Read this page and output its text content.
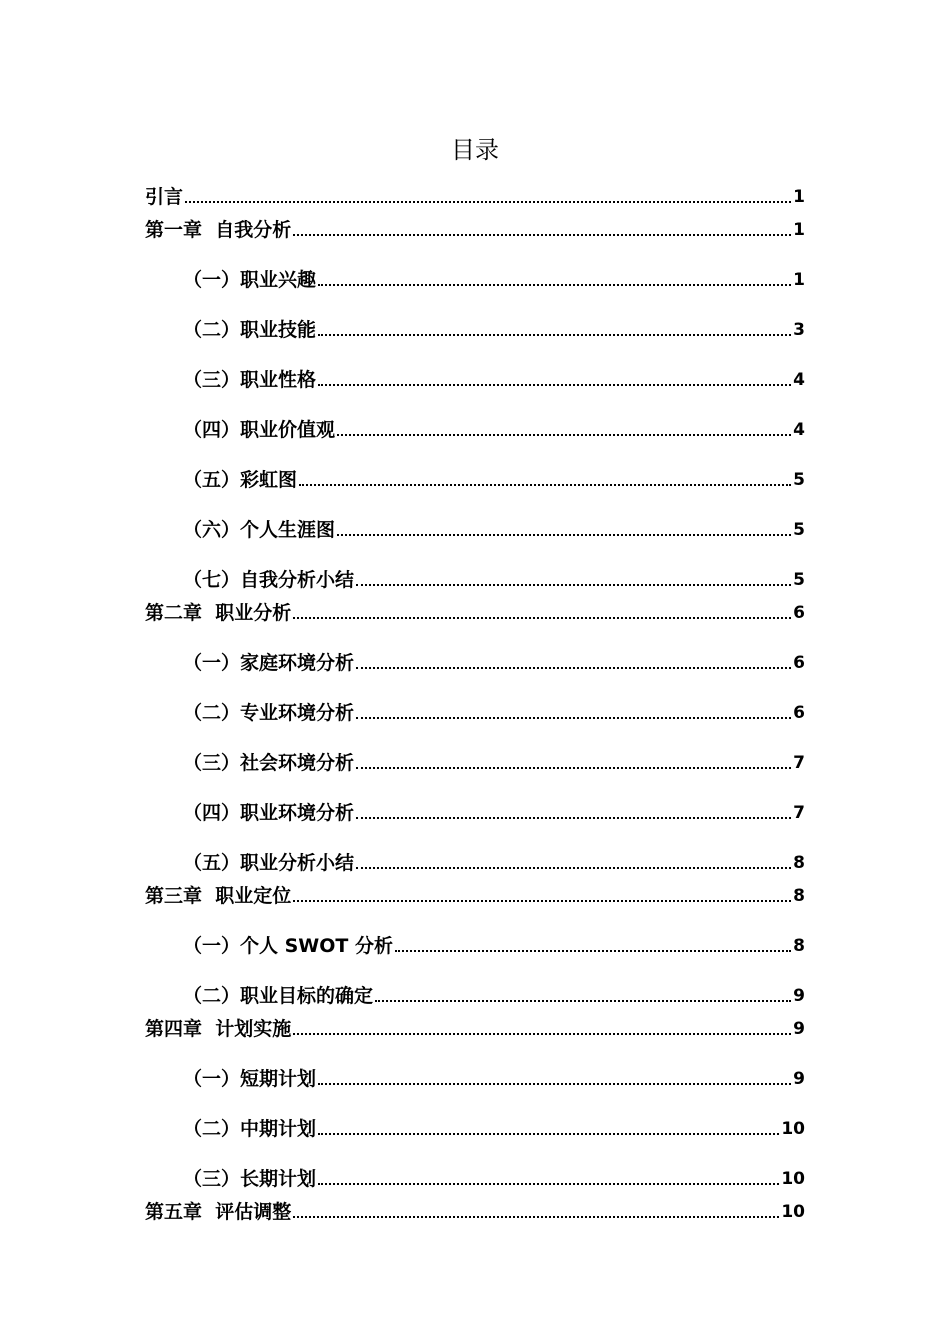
目录
引言	1
第一章  自我分析	1
（一）职业兴趣	1
（二）职业技能	3
（三）职业性格	4
（四）职业价值观	4
（五）彩虹图	5
（六）个人生涯图	5
（七）自我分析小结	5
第二章  职业分析	6
（一）家庭环境分析	6
（二）专业环境分析	6
（三）社会环境分析	7
（四）职业环境分析	7
（五）职业分析小结	8
第三章  职业定位	8
（一）个人 SWOT 分析	8
（二）职业目标的确定	9
第四章  计划实施	9
（一）短期计划	9
（二）中期计划	10
（三）长期计划	10
第五章  评估调整	10
